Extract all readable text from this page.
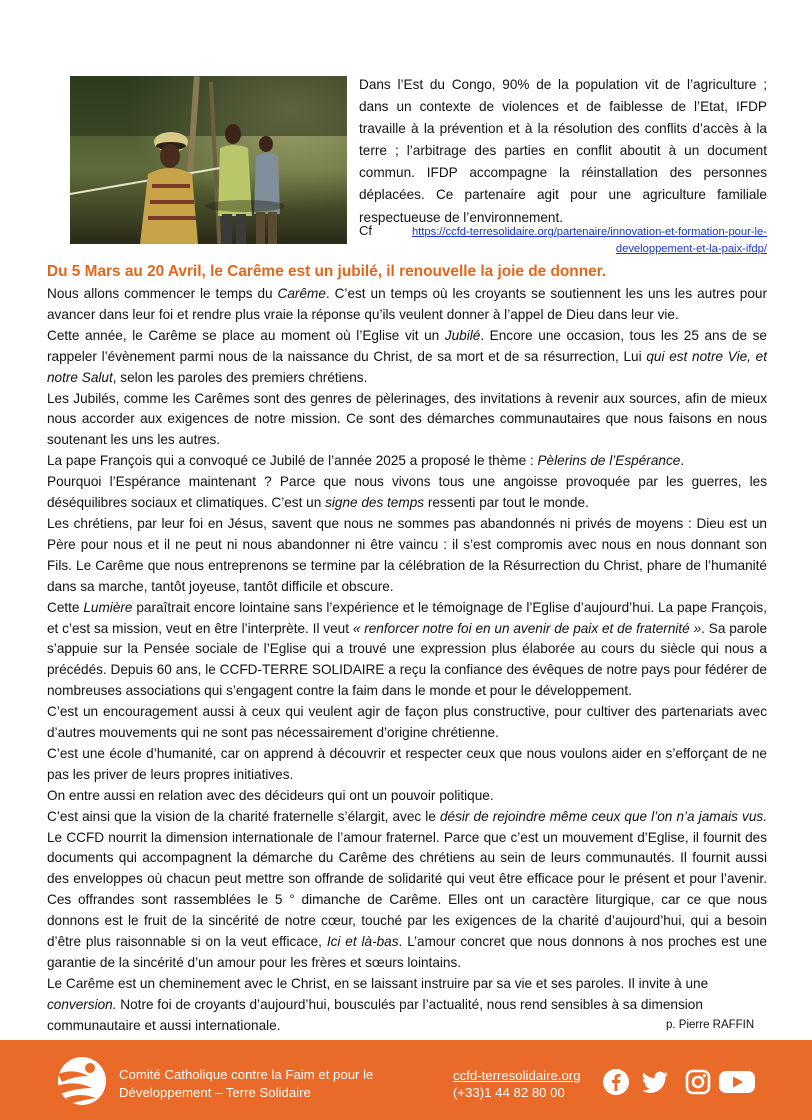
Dans l’Est du Congo, 90% de la population vit de l’agriculture ; dans un contexte de violences et de faiblesse de l’Etat, IFDP travaille à la prévention et à la résolution des conflits d’accès à la terre ; l’arbitrage des parties en conflit aboutit à un document commun. IFDP accompagne la réinstallation des personnes déplacées. Ce partenaire agit pour une agriculture familiale respectueuse de l’environnement.
Cf	https://ccfd-terresolidaire.org/partenaire/innovation-et-formation-pour-le-developpement-et-la-paix-ifdp/
Du 5 Mars au 20 Avril, le Carême est un jubilé, il renouvelle la joie de donner.

Nous allons commencer le temps du Carême. C’est un temps où les croyants se soutiennent les uns les autres pour avancer dans leur foi et rendre plus vraie la réponse qu’ils veulent donner à l’appel de Dieu dans leur vie.

Cette année, le Carême se place au moment où l’Eglise vit un Jubilé. Encore une occasion, tous les 25 ans de se rappeler l’évènement parmi nous de la naissance du Christ, de sa mort et de sa résurrection, Lui qui est notre Vie, et notre Salut, selon les paroles des premiers chrétiens.

Les Jubilés, comme les Carêmes sont des genres de pèlerinages, des invitations à revenir aux sources, afin de mieux nous accorder aux exigences de notre mission. Ce sont des démarches communautaires que nous faisons en nous soutenant les uns les autres.

La pape François qui a convoqué ce Jubilé de l’année 2025 a proposé le thème : Pèlerins de l’Espérance.

Pourquoi l’Espérance maintenant ? Parce que nous vivons tous une angoisse provoquée par les guerres, les déséquilibres sociaux et climatiques. C’est un signe des temps ressenti par tout le monde.

Les chrétiens, par leur foi en Jésus, savent que nous ne sommes pas abandonnés ni privés de moyens : Dieu est un Père pour nous et il ne peut ni nous abandonner ni être vaincu : il s’est compromis avec nous en nous donnant son Fils. Le Carême que nous entreprenons se termine par la célébration de la Résurrection du Christ, phare de l’humanité dans sa marche, tantôt joyeuse, tantôt difficile et obscure.

Cette Lumière paraîtrait encore lointaine sans l’expérience et le témoignage de l’Eglise d’aujourd’hui. La pape François, et c’est sa mission, veut en être l’interprète. Il veut « renforcer notre foi en un avenir de paix et de fraternité ». Sa parole s’appuie sur la Pensée sociale de l’Eglise qui a trouvé une expression plus élaborée au cours du siècle qui nous a précédés. Depuis 60 ans, le CCFD-TERRE SOLIDAIRE a reçu la confiance des évêques de notre pays pour fédérer de nombreuses associations qui s’engagent contre la faim dans le monde et pour le développement.

C’est un encouragement aussi à ceux qui veulent agir de façon plus constructive, pour cultiver des partenariats avec d’autres mouvements qui ne sont pas nécessairement d’origine chrétienne.

C’est une école d’humanité, car on apprend à découvrir et respecter ceux que nous voulons aider en s’efforçant de ne pas les priver de leurs propres initiatives.

On entre aussi en relation avec des décideurs qui ont un pouvoir politique.

C’est ainsi que la vision de la charité fraternelle s’élargit, avec le désir de rejoindre même ceux que l’on n’a jamais vus. Le CCFD nourrit la dimension internationale de l’amour fraternel. Parce que c’est un mouvement d’Eglise, il fournit des documents qui accompagnent la démarche du Carême des chrétiens au sein de leurs communautés. Il fournit aussi des enveloppes où chacun peut mettre son offrande de solidarité qui veut être efficace pour le présent et pour l’avenir. Ces offrandes sont rassemblées le 5 ° dimanche de Carême. Elles ont un caractère liturgique, car ce que nous donnons est le fruit de la sincérité de notre cœur, touché par les exigences de la charité d’aujourd’hui, qui a besoin d’être plus raisonnable si on la veut efficace, Ici et là-bas. L’amour concret que nous donnons à nos proches est une garantie de la sincérité d’un amour pour les frères et sœurs lointains.

Le Carême est un cheminement avec le Christ, en se laissant instruire par sa vie et ses paroles. Il invite à une conversion. Notre foi de croyants d’aujourd’hui, bousculés par l’actualité, nous rend sensibles à sa dimension communautaire et aussi internationale.	p. Pierre RAFFIN
Comité Catholique contre la Faim et pour le
Développement – Terre Solidaire
ccfd-terresolidaire.org
(+33)1 44 82 80 00
